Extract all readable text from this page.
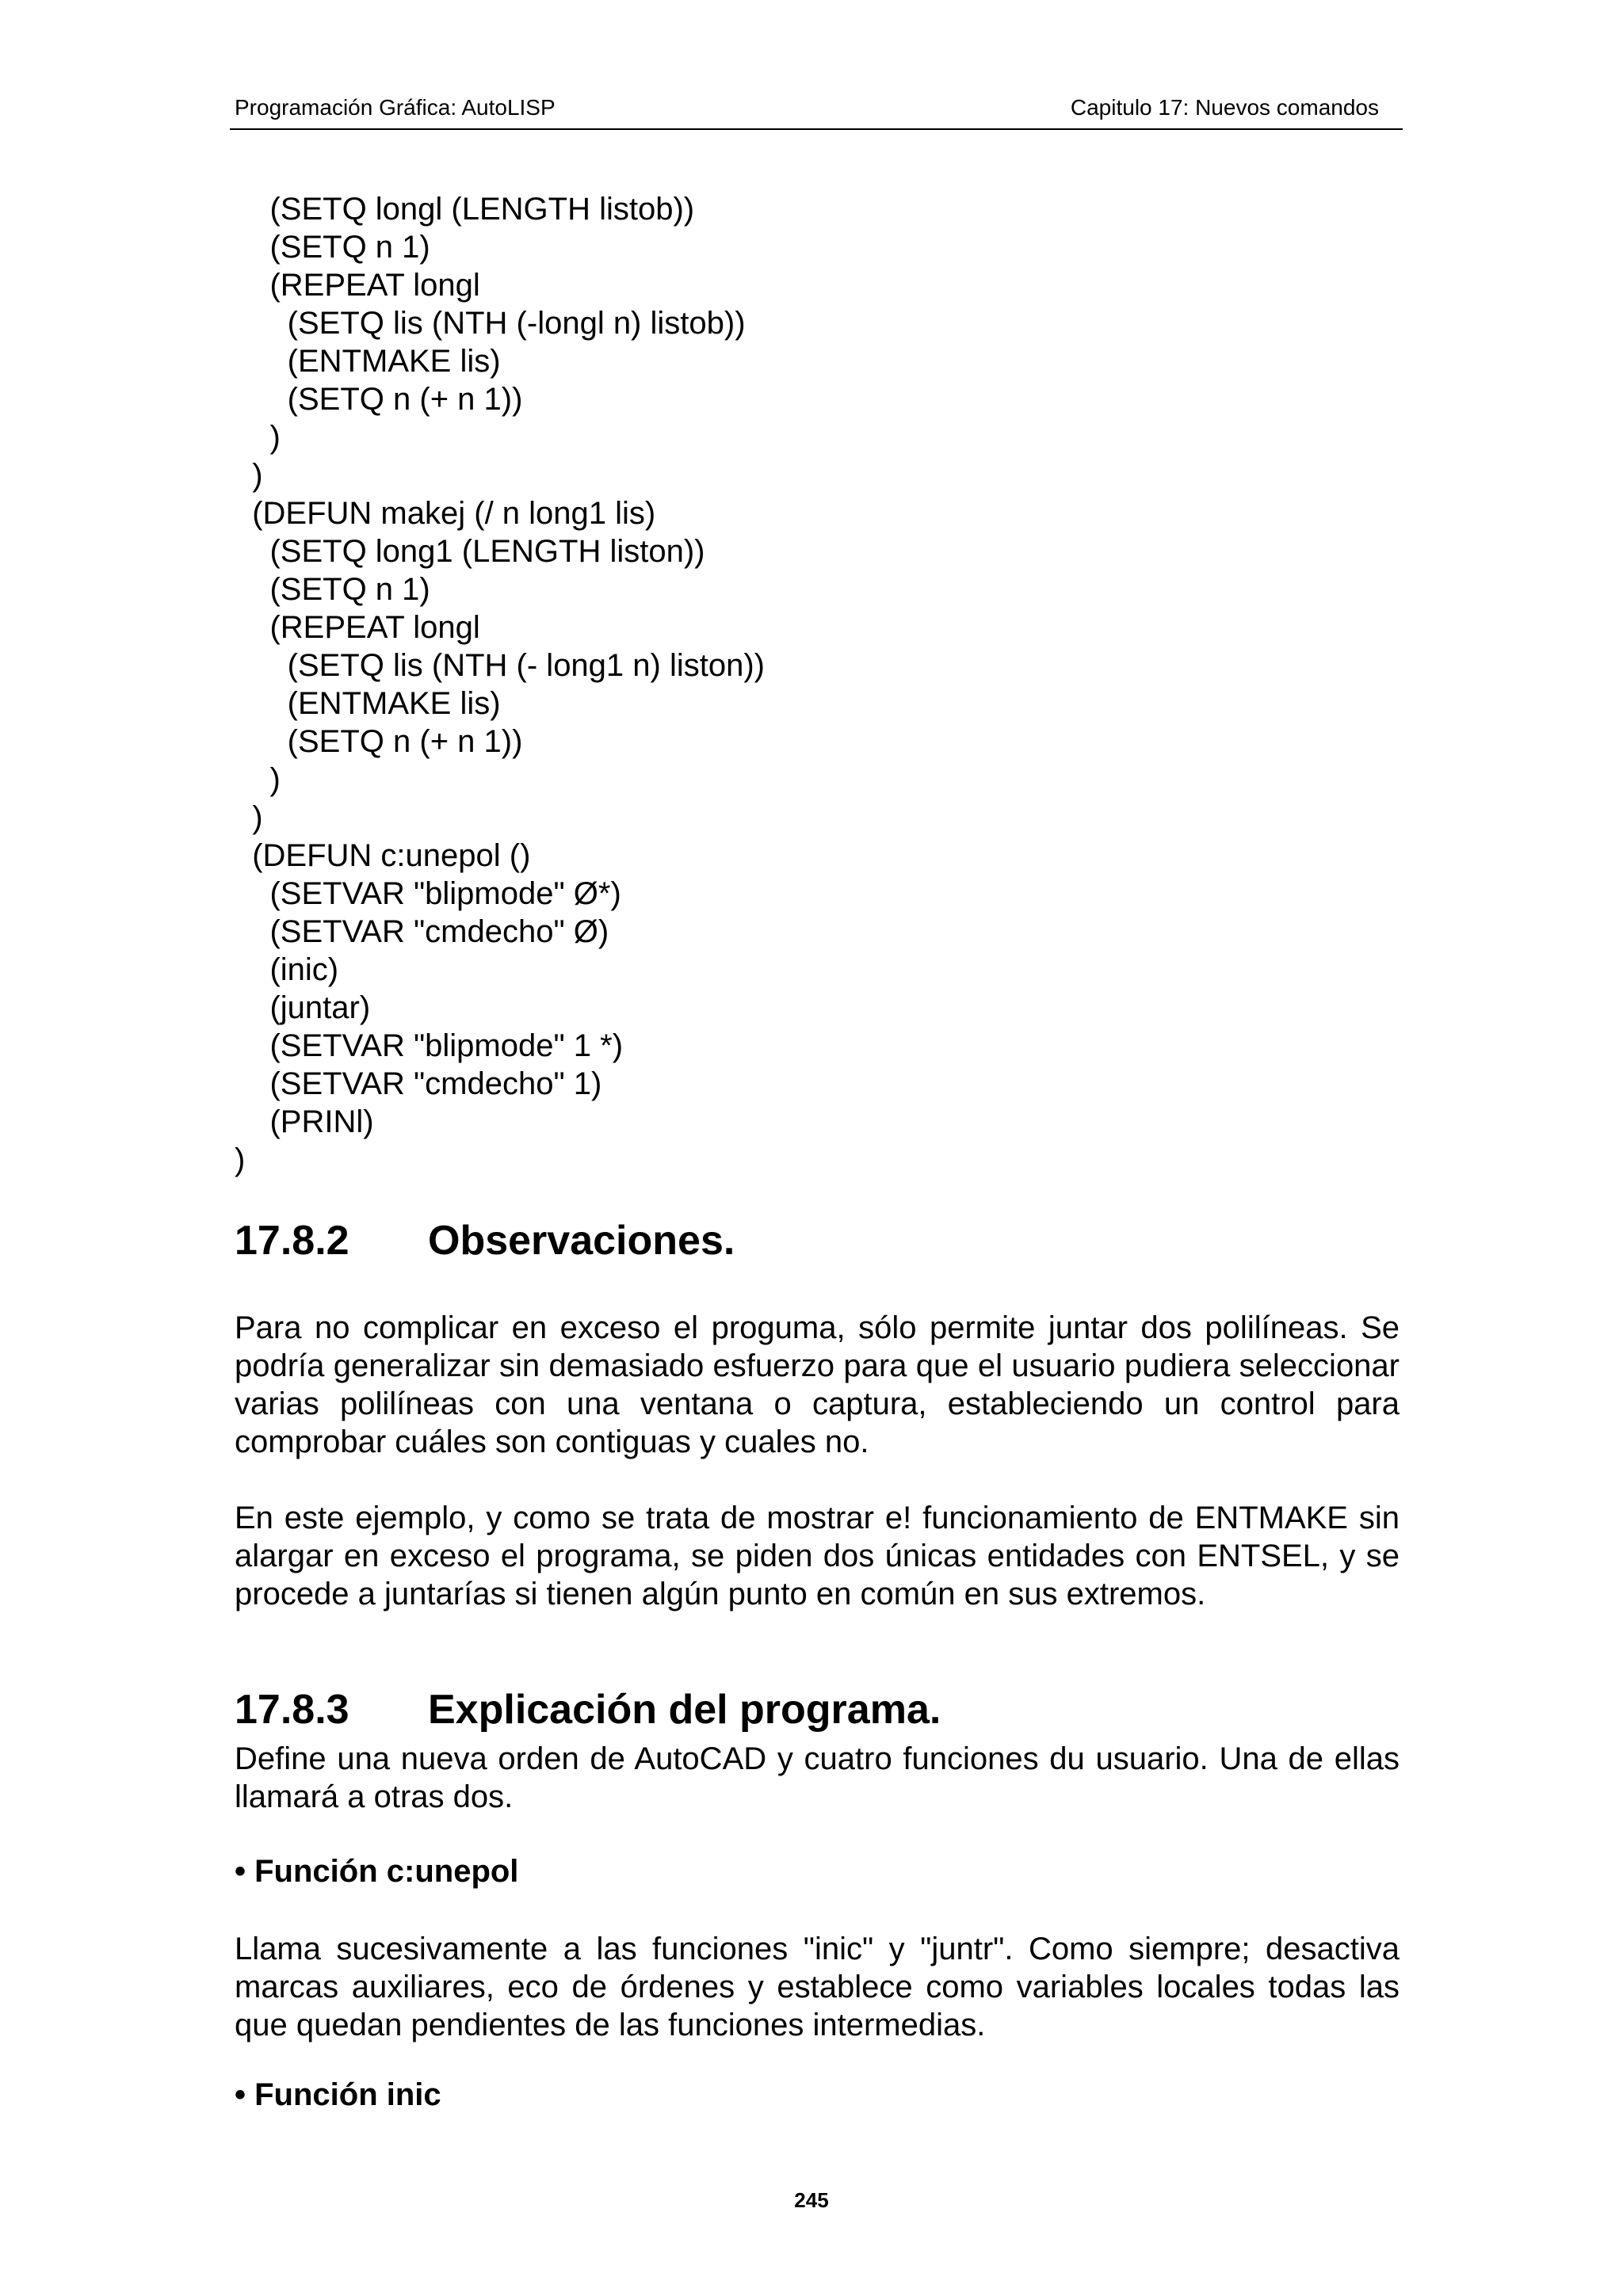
Programación Gráfica: AutoLISP	Capitulo 17: Nuevos comandos
(SETQ longl (LENGTH listob))
(SETQ n 1)
(REPEAT longl
(SETQ lis (NTH (-longl n) listob))
(ENTMAKE lis)
(SETQ n (+ n 1))
)
)
(DEFUN makej (/ n long1 lis)
(SETQ long1 (LENGTH liston))
(SETQ n 1)
(REPEAT longl
(SETQ lis (NTH (- long1 n) liston))
(ENTMAKE lis)
(SETQ n (+ n 1))
)
)
(DEFUN c:unepol ()
(SETVAR "blipmode" Ø*)
(SETVAR "cmdecho" Ø)
(inic)
(juntar)
(SETVAR "blipmode" 1 *)
(SETVAR "cmdecho" 1)
(PRINl)
)
17.8.2 Observaciones.

Para no complicar en exceso el proguma, sólo permite juntar dos polilíneas. Se podría generalizar sin demasiado esfuerzo para que el usuario pudiera seleccionar varias polilíneas con una ventana o captura, estableciendo un control para comprobar cuáles son contiguas y cuales no.

En este ejemplo, y como se trata de mostrar e! funcionamiento de ENTMAKE sin alargar en exceso el programa, se piden dos únicas entidades con ENTSEL, y se procede a juntarías si tienen algún punto en común en sus extremos.

17.8.3 Explicación del programa.

Define una nueva orden de AutoCAD y cuatro funciones du usuario. Una de ellas llamará a otras dos.

• Función c:unepol

Llama sucesivamente a las funciones "inic" y "juntr". Como siempre; desactiva marcas auxiliares, eco de órdenes y establece como variables locales todas las que quedan pendientes de las funciones intermedias.

• Función inic

245
